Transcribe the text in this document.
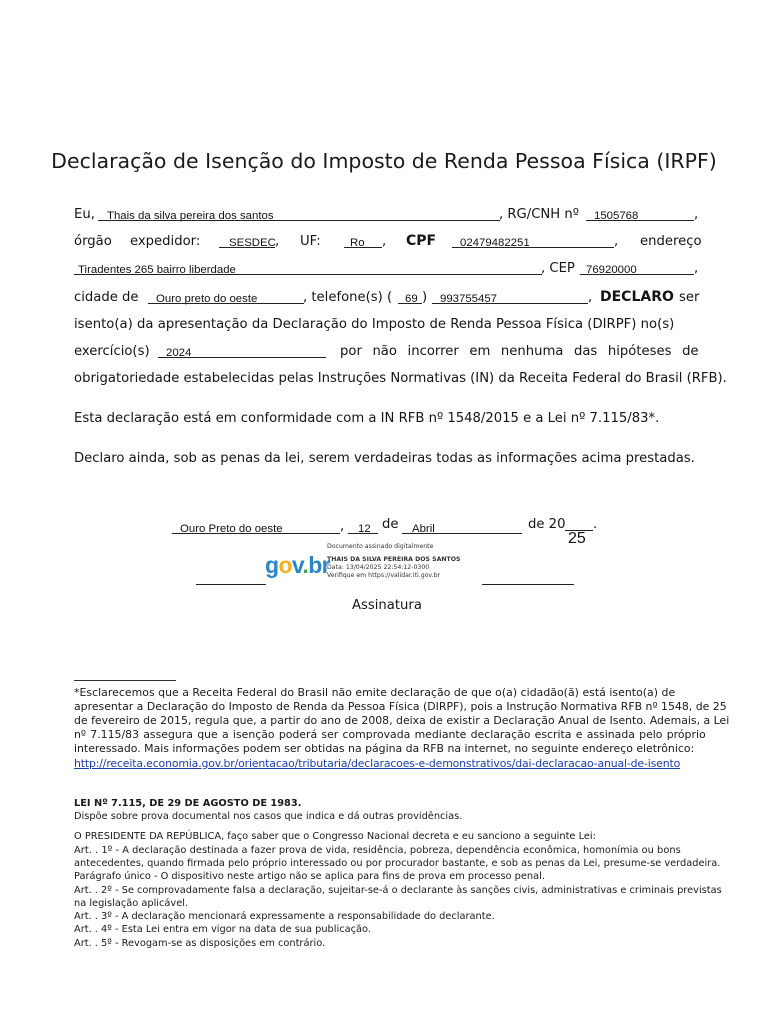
Declaração de Isenção do Imposto de Renda Pessoa Física (IRPF)
Eu, Thais da silva pereira dos santos	, RG/CNH nº 1505768	,
órgão expedidor:	SESDEC , UF:	Ro , CPF 02479482251	, endereço
Tiradentes 265 bairro liberdade	, CEP 76920000	,
cidade de Ouro preto do oeste	, telefone(s) ( 69 ) 993755457	, DECLARO ser
isento(a) da apresentação da Declaração do Imposto de Renda Pessoa Física (DIRPF) no(s)
exercício(s) 2024	por não incorrer em nenhuma das hipóteses de
obrigatoriedade estabelecidas pelas Instruções Normativas (IN) da Receita Federal do Brasil (RFB).
Esta declaração está em conformidade com a IN RFB nº 1548/2015 e a Lei nº 7.115/83*.
Declaro ainda, sob as penas da lei, serem verdadeiras todas as informações acima prestadas.
Ouro Preto do oeste	, 12 de Abril	de 20 .
25
gov.br
Documento assinado digitalmente
THAIS DA SILVA PEREIRA DOS SANTOS
Data: 13/04/2025 22:54:12-0300
Verifique em https://validar.iti.gov.br
Assinatura
*Esclarecemos que a Receita Federal do Brasil não emite declaração de que o(a) cidadão(ã) está isento(a) de
apresentar a Declaração do Imposto de Renda da Pessoa Física (DIRPF), pois a Instrução Normativa RFB nº 1548, de 25
de fevereiro de 2015, regula que, a partir do ano de 2008, deixa de existir a Declaração Anual de Isento. Ademais, a Lei
nº 7.115/83 assegura que a isenção poderá ser comprovada mediante declaração escrita e assinada pelo próprio
interessado. Mais informações podem ser obtidas na página da RFB na internet, no seguinte endereço eletrônico:
http://receita.economia.gov.br/orientacao/tributaria/declaracoes-e-demonstrativos/dai-declaracao-anual-de-isento
LEI Nº 7.115, DE 29 DE AGOSTO DE 1983.
Dispõe sobre prova documental nos casos que indica e dá outras providências.
O PRESIDENTE DA REPÚBLICA, faço saber que o Congresso Nacional decreta e eu sanciono a seguinte Lei:
Art. . 1º - A declaração destinada a fazer prova de vida, residência, pobreza, dependência econômica, homonímia ou bons
antecedentes, quando firmada pelo próprio interessado ou por procurador bastante, e sob as penas da Lei, presume-se verdadeira.
Parágrafo único - O dispositivo neste artigo não se aplica para fins de prova em processo penal.
Art. . 2º - Se comprovadamente falsa a declaração, sujeitar-se-á o declarante às sanções civis, administrativas e criminais previstas
na legislação aplicável.
Art. . 3º - A declaração mencionará expressamente a responsabilidade do declarante.
Art. . 4º - Esta Lei entra em vigor na data de sua publicação.
Art. . 5º - Revogam-se as disposições em contrário.
